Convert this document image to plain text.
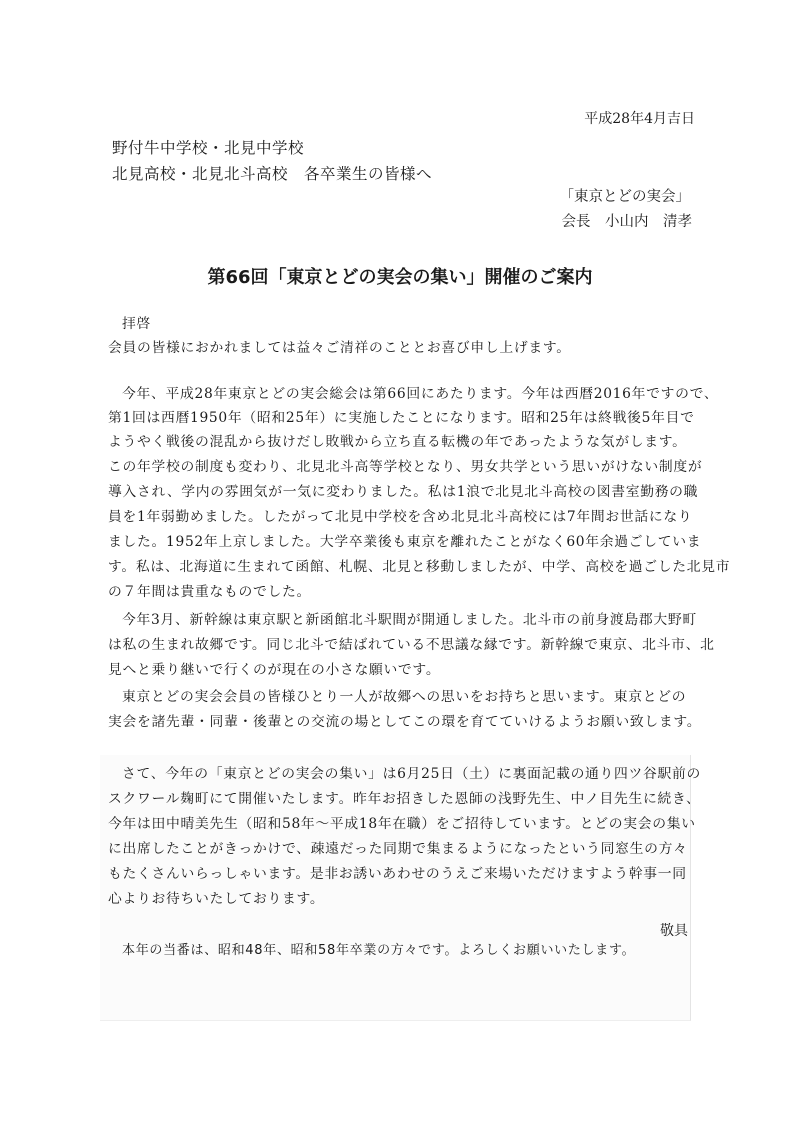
平成28年4月吉日
野付牛中学校・北見中学校
北見高校・北見北斗高校　各卒業生の皆様へ
「東京とどの実会」
会長　小山内　清孝
第66回「東京とどの実会の集い」開催のご案内
拝啓
会員の皆様におかれましては益々ご清祥のこととお喜び申し上げます。
今年、平成28年東京とどの実会総会は第66回にあたります。今年は西暦2016年ですので、
第1回は西暦1950年（昭和25年）に実施したことになります。昭和25年は終戦後5年目で
ようやく戦後の混乱から抜けだし敗戦から立ち直る転機の年であったような気がします。
この年学校の制度も変わり、北見北斗高等学校となり、男女共学という思いがけない制度が
導入され、学内の雰囲気が一気に変わりました。私は1浪で北見北斗高校の図書室勤務の職
員を1年弱勤めました。したがって北見中学校を含め北見北斗高校には7年間お世話になり
ました。1952年上京しました。大学卒業後も東京を離れたことがなく60年余過ごしていま
す。私は、北海道に生まれて函館、札幌、北見と移動しましたが、中学、高校を過ごした北見市
の７年間は貴重なものでした。
今年3月、新幹線は東京駅と新函館北斗駅間が開通しました。北斗市の前身渡島郡大野町
は私の生まれ故郷です。同じ北斗で結ばれている不思議な縁です。新幹線で東京、北斗市、北
見へと乗り継いで行くのが現在の小さな願いです。
東京とどの実会会員の皆様ひとり一人が故郷への思いをお持ちと思います。東京とどの
実会を諸先輩・同輩・後輩との交流の場としてこの環を育てていけるようお願い致します。
さて、今年の「東京とどの実会の集い」は6月25日（土）に裏面記載の通り四ツ谷駅前の
スクワール麹町にて開催いたします。昨年お招きした恩師の浅野先生、中ノ目先生に続き、
今年は田中晴美先生（昭和58年〜平成18年在職）をご招待しています。とどの実会の集い
に出席したことがきっかけで、疎遠だった同期で集まるようになったという同窓生の方々
もたくさんいらっしゃいます。是非お誘いあわせのうえご来場いただけますよう幹事一同
心よりお待ちいたしております。
敬具
本年の当番は、昭和48年、昭和58年卒業の方々です。よろしくお願いいたします。
